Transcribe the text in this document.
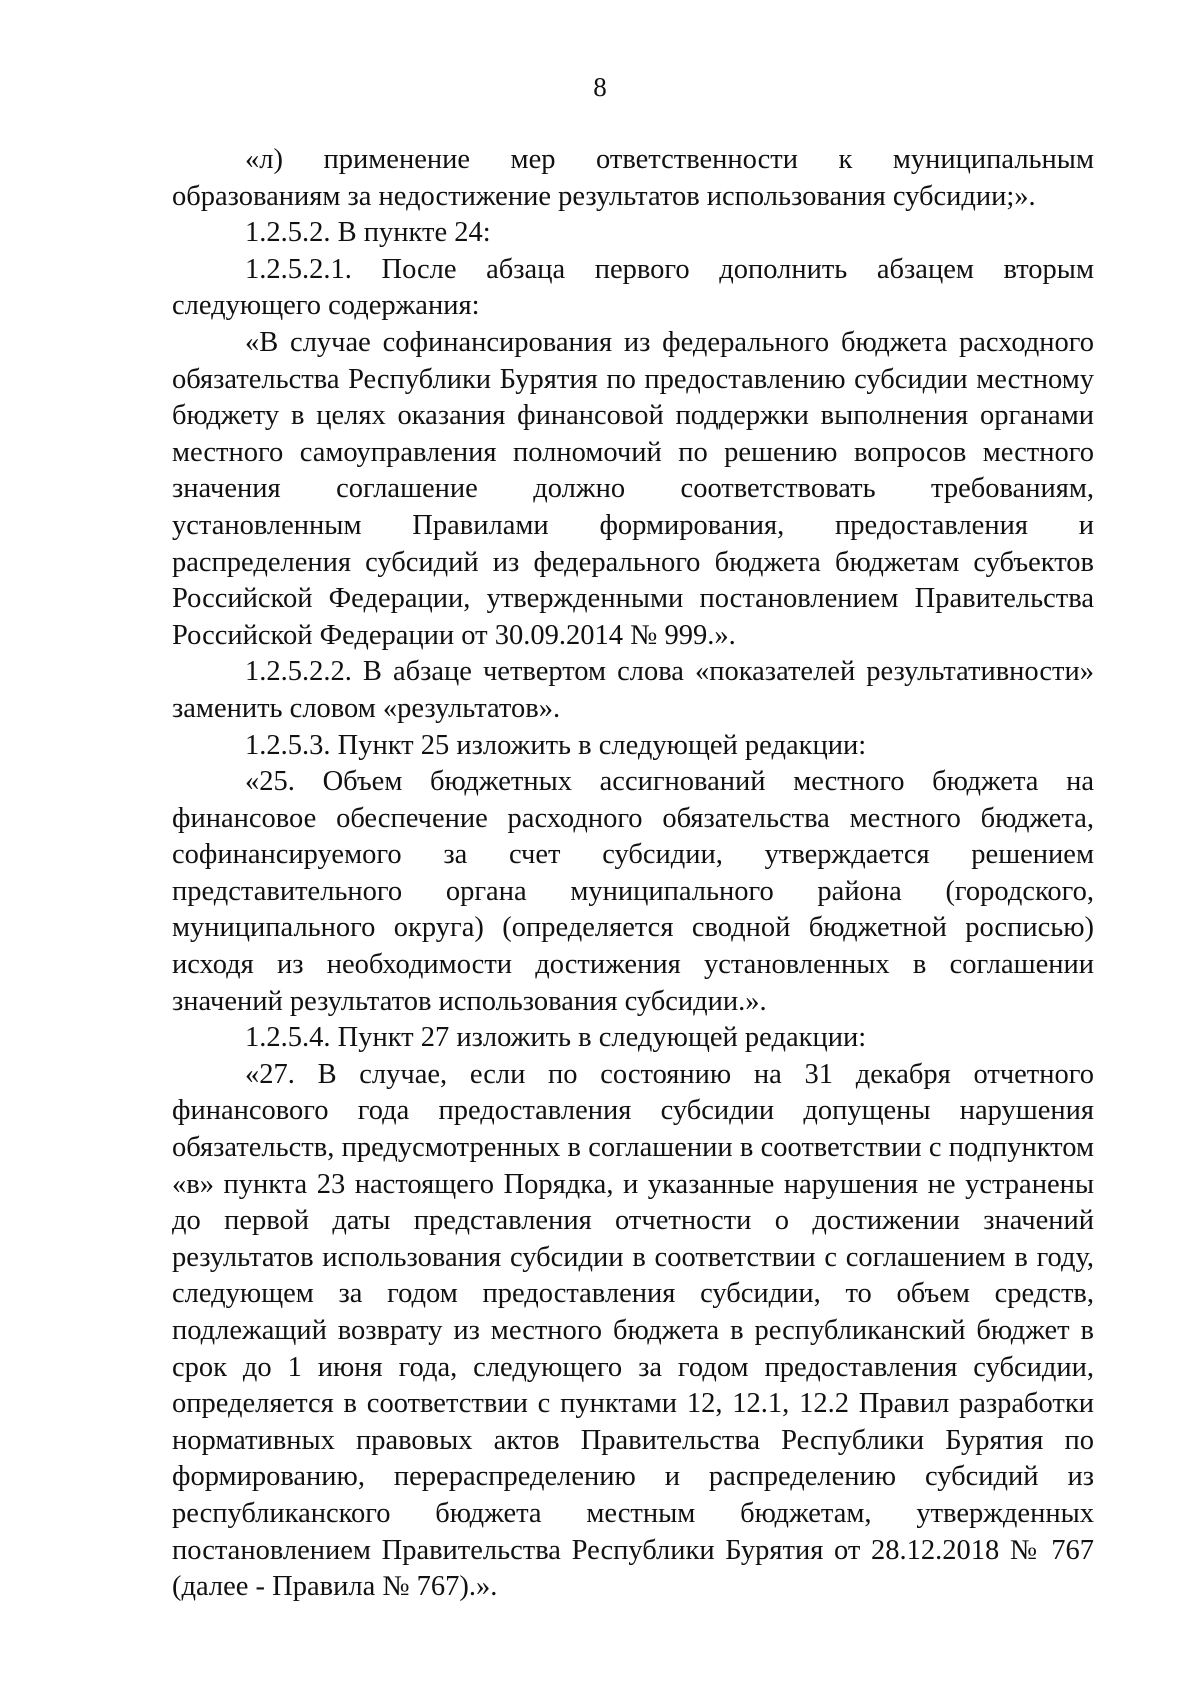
8

«л) применение мер ответственности к муниципальным образованиям за недостижение результатов использования субсидии;».

1.2.5.2. В пункте 24:

1.2.5.2.1. После абзаца первого дополнить абзацем вторым следующего содержания:

«В случае софинансирования из федерального бюджета расходного обязательства Республики Бурятия по предоставлению субсидии местному бюджету в целях оказания финансовой поддержки выполнения органами местного самоуправления полномочий по решению вопросов местного значения соглашение должно соответствовать требованиям, установленным Правилами формирования, предоставления и распределения субсидий из федерального бюджета бюджетам субъектов Российской Федерации, утвержденными постановлением Правительства Российской Федерации от 30.09.2014 № 999.».

1.2.5.2.2. В абзаце четвертом слова «показателей результативности» заменить словом «результатов».

1.2.5.3. Пункт 25 изложить в следующей редакции:

«25. Объем бюджетных ассигнований местного бюджета на финансовое обеспечение расходного обязательства местного бюджета, софинансируемого за счет субсидии, утверждается решением представительного органа муниципального района (городского, муниципального округа) (определяется сводной бюджетной росписью) исходя из необходимости достижения установленных в соглашении значений результатов использования субсидии.».

1.2.5.4. Пункт 27 изложить в следующей редакции:

«27. В случае, если по состоянию на 31 декабря отчетного финансового года предоставления субсидии допущены нарушения обязательств, предусмотренных в соглашении в соответствии с подпунктом «в» пункта 23 настоящего Порядка, и указанные нарушения не устранены до первой даты представления отчетности о достижении значений результатов использования субсидии в соответствии с соглашением в году, следующем за годом предоставления субсидии, то объем средств, подлежащий возврату из местного бюджета в республиканский бюджет в срок до 1 июня года, следующего за годом предоставления субсидии, определяется в соответствии с пунктами 12, 12.1, 12.2 Правил разработки нормативных правовых актов Правительства Республики Бурятия по формированию, перераспределению и распределению субсидий из республиканского бюджета местным бюджетам, утвержденных постановлением Правительства Республики Бурятия от 28.12.2018 № 767 (далее - Правила № 767).».
